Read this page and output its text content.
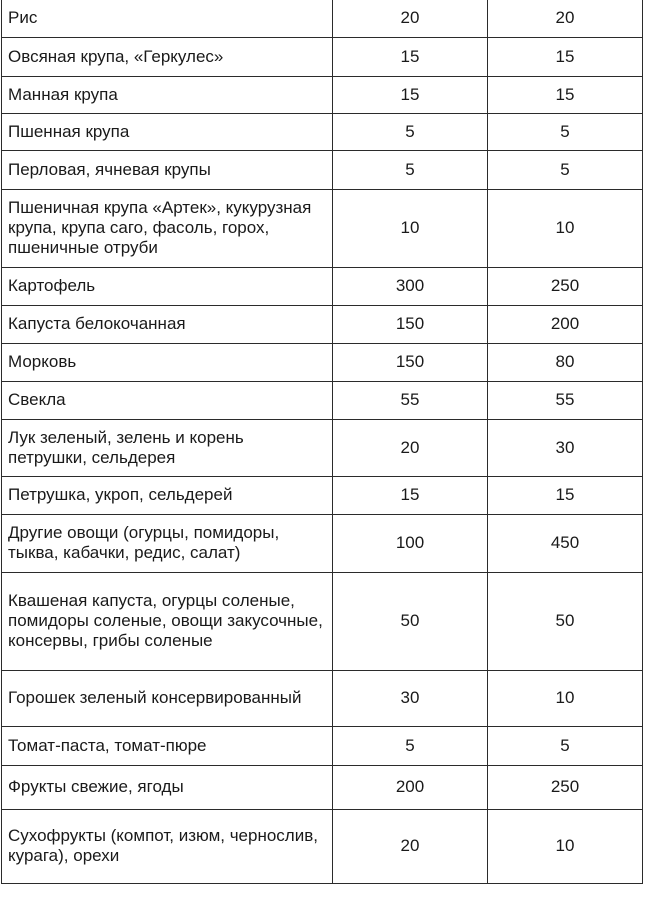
Рис	20	20
Овсяная крупа, «Геркулес»	15	15
Манная крупа	15	15
Пшенная крупа	5	5
Перловая, ячневая крупы	5	5
Пшеничная крупа «Артек», кукурузная крупа, крупа саго, фасоль, горох, пшеничные отруби	10	10
Картофель	300	250
Капуста белокочанная	150	200
Морковь	150	80
Свекла	55	55
Лук зеленый, зелень и корень петрушки, сельдерея	20	30
Петрушка, укроп, сельдерей	15	15
Другие овощи (огурцы, помидоры, тыква, кабачки, редис, салат)	100	450
Квашеная капуста, огурцы соленые, помидоры соленые, овощи закусочные, консервы, грибы соленые	50	50
Горошек зеленый консервированный	30	10
Томат-паста, томат-пюре	5	5
Фрукты свежие, ягоды	200	250
Сухофрукты (компот, изюм, чернослив, курага), орехи	20	10
